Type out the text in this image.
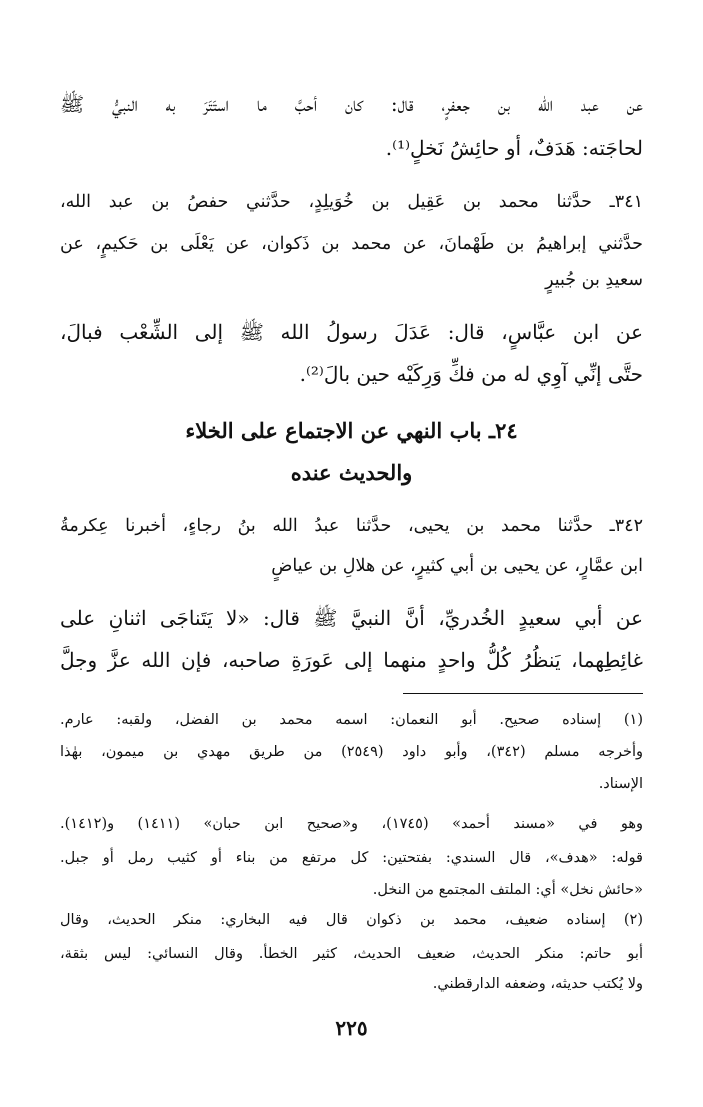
عن عبد الله بن جعفرٍ، قال: كان أحبَّ ما استَتَرَ به النبيُّ ﷺ
لحاجَته: هَدَفٌ، أو حائِشُ نَخلٍ⁽¹⁾.
٣٤١ـ حدَّثنا محمد بن عَقِيل بن خُوَيلِدٍ، حدَّثني حفصُ بن عبد الله،
حدَّثني إبراهيمُ بن طَهْمانَ، عن محمد بن ذَكوان، عن يَعْلَى بن حَكيمٍ، عن
سعيدِ بن جُبيرٍ
عن ابن عبَّاسٍ، قال: عَدَلَ رسولُ الله ﷺ إلى الشِّعْب فبالَ،
حتَّى إنِّي آوِي له من فكِّ وَرِكَيْه حين بالَ⁽²⁾.
٢٤ـ باب النهي عن الاجتماع على الخلاء
والحديث عنده
٣٤٢ـ حدَّثنا محمد بن يحيى، حدَّثنا عبدُ الله بنُ رجاءٍ، أخبرنا عِكرمةُ
ابن عمَّارٍ، عن يحيى بن أبي كثيرٍ، عن هلالِ بن عياضٍ
عن أبي سعيدٍ الخُدريِّ، أنَّ النبيَّ ﷺ قال: «لا يَتَناجَى اثنانِ على
غائِطِهما، يَنظُرُ كُلُّ واحدٍ منهما إلى عَورَةِ صاحبه، فإن الله عزَّ وجلَّ
(١) إسناده صحيح. أبو النعمان: اسمه محمد بن الفضل، ولقبه: عارم.
وأخرجه مسلم (٣٤٢)، وأبو داود (٢٥٤٩) من طريق مهدي بن ميمون، بهٰذا
الإسناد.
وهو في «مسند أحمد» (١٧٤٥)، و«صحيح ابن حبان» (١٤١١) و(١٤١٢).
قوله: «هدف»، قال السندي: بفتحتين: كل مرتفع من بناء أو كثيب رمل أو جبل.
«حائش نخل» أي: الملتف المجتمع من النخل.
(٢) إسناده ضعيف، محمد بن ذكوان قال فيه البخاري: منكر الحديث، وقال
أبو حاتم: منكر الحديث، ضعيف الحديث، كثير الخطأ. وقال النسائي: ليس بثقة،
ولا يُكتب حديثه، وضعفه الدارقطني.
٢٢٥
